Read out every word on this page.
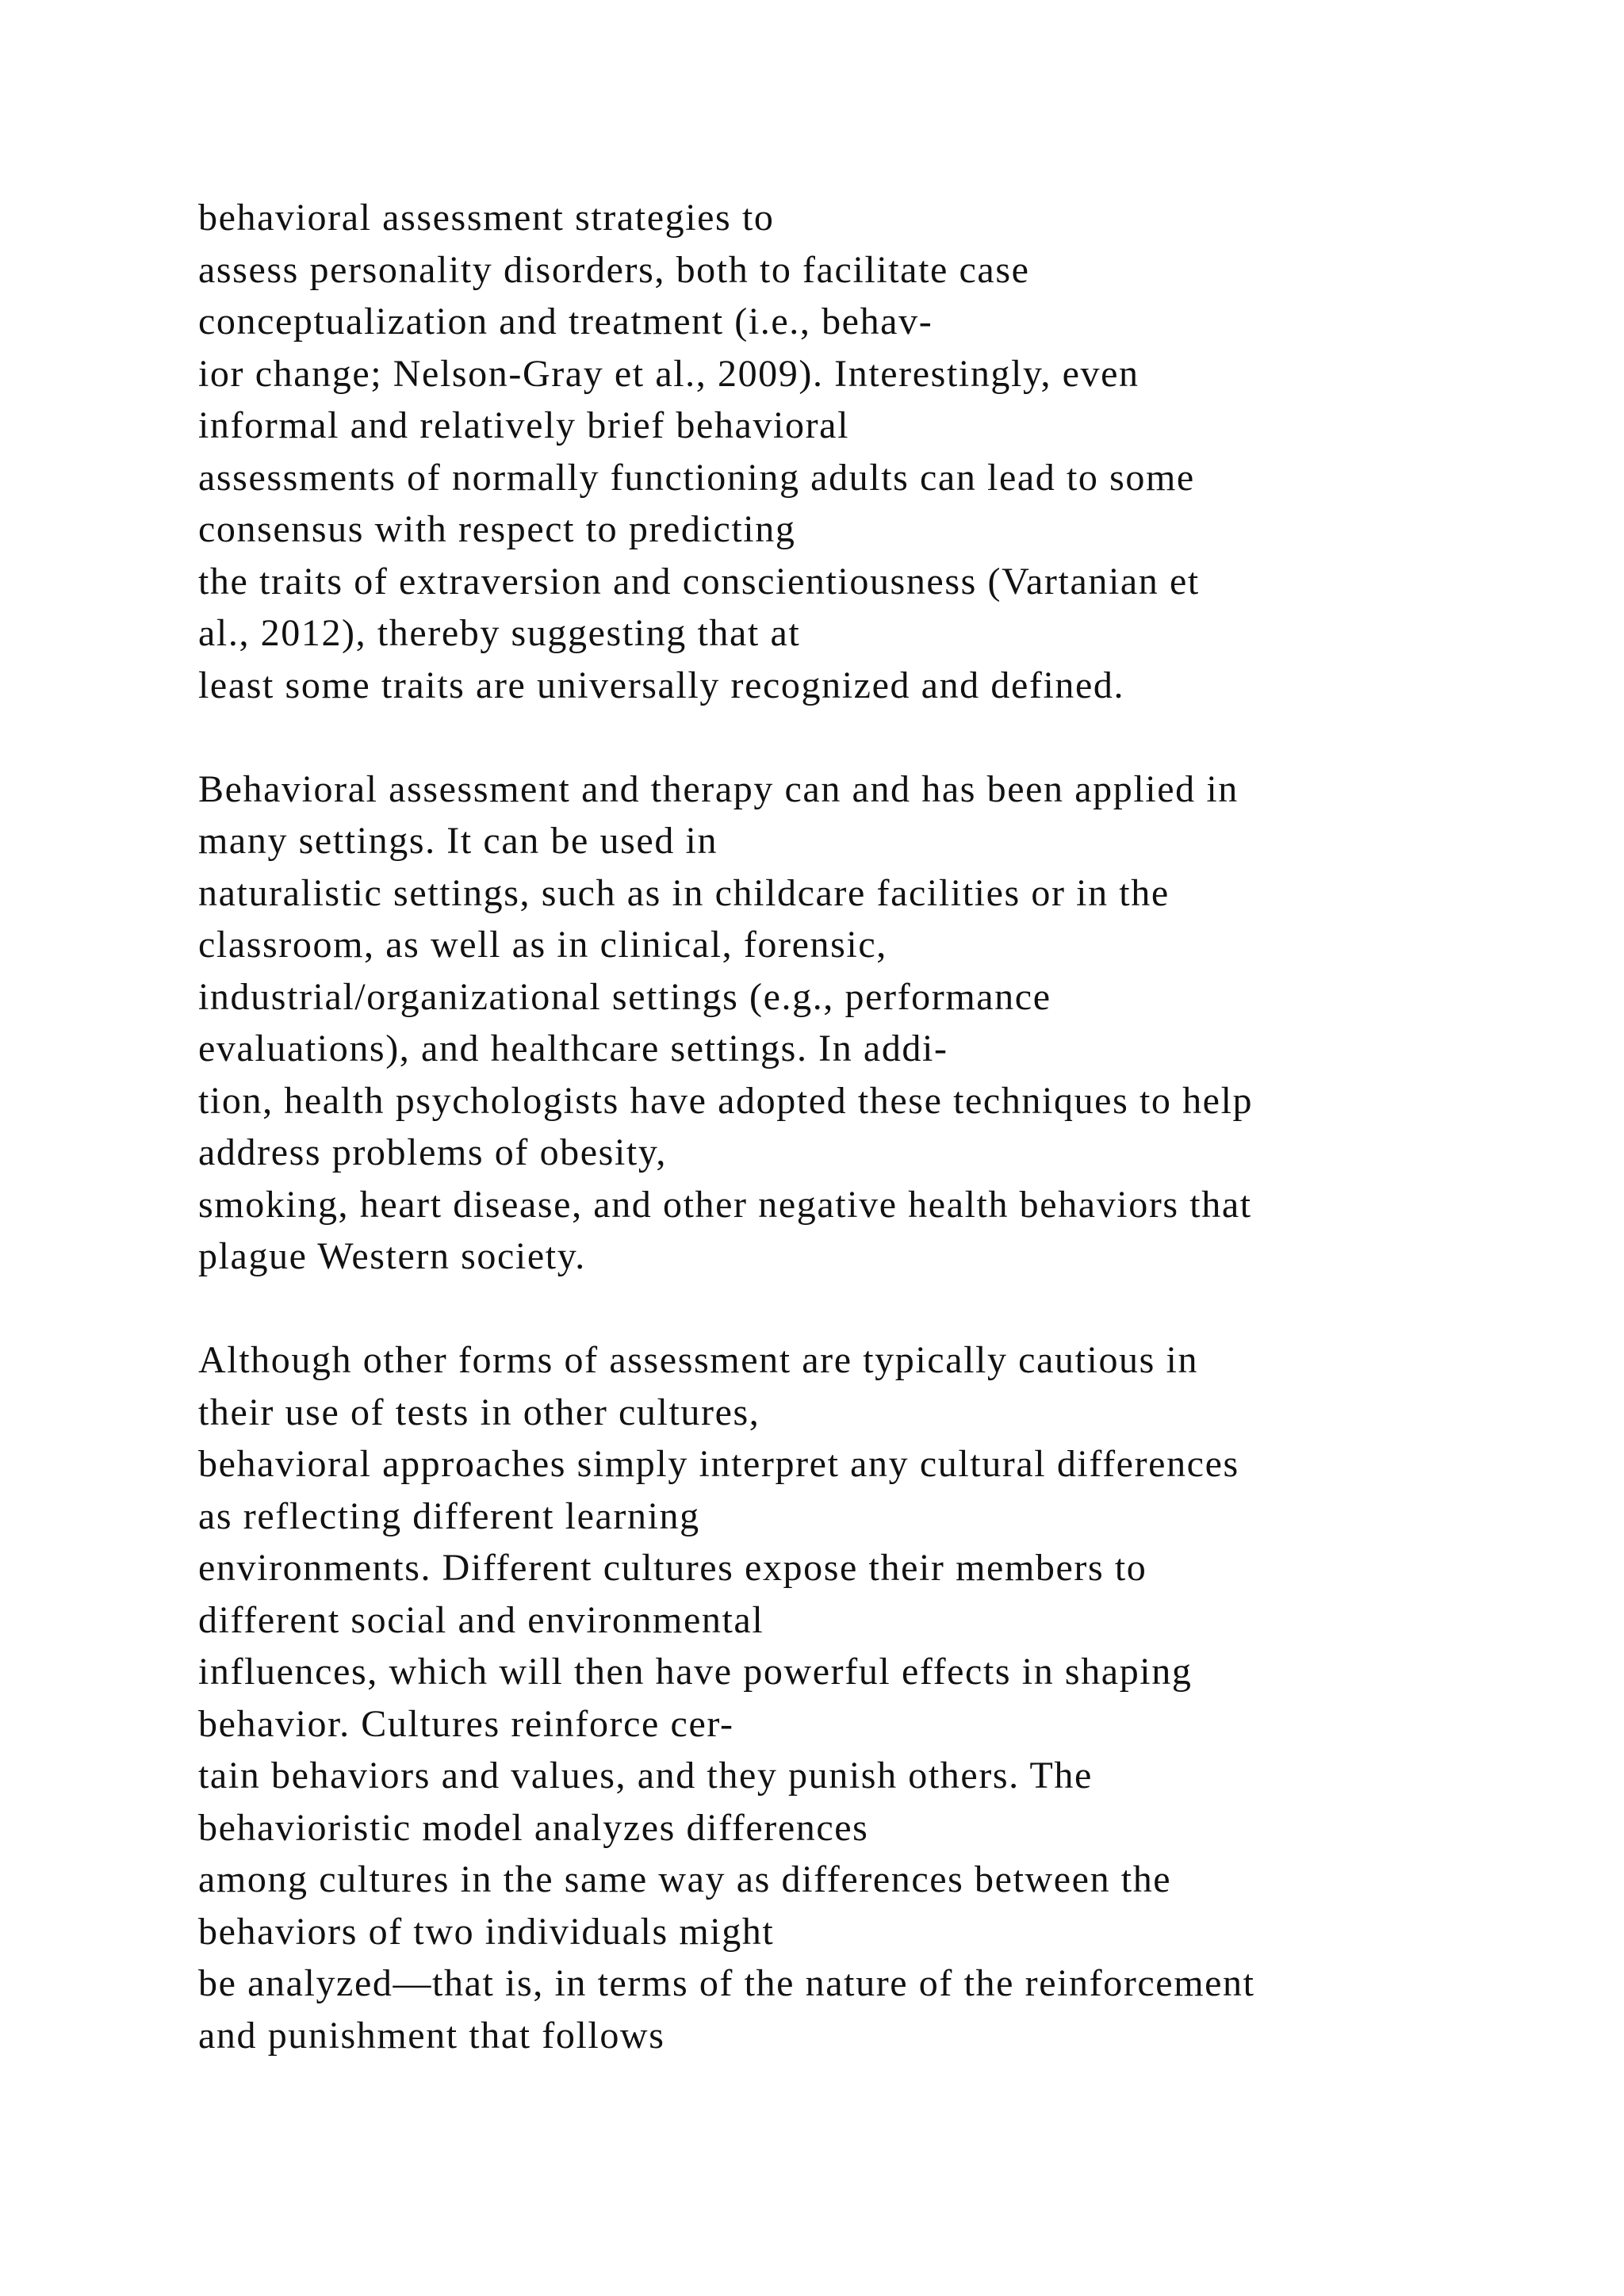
behavioral assessment strategies to
assess personality disorders, both to facilitate case
conceptualization and treatment (i.e., behav-
ior change; Nelson-Gray et al., 2009). Interestingly, even
informal and relatively brief behavioral
assessments of normally functioning adults can lead to some
consensus with respect to predicting
the traits of extraversion and conscientiousness (Vartanian et
al., 2012), thereby suggesting that at
least some traits are universally recognized and defined.

Behavioral assessment and therapy can and has been applied in
many settings. It can be used in
naturalistic settings, such as in childcare facilities or in the
classroom, as well as in clinical, forensic,
industrial/organizational settings (e.g., performance
evaluations), and healthcare settings. In addi-
tion, health psychologists have adopted these techniques to help
address problems of obesity,
smoking, heart disease, and other negative health behaviors that
plague Western society.

Although other forms of assessment are typically cautious in
their use of tests in other cultures,
behavioral approaches simply interpret any cultural differences
as reflecting different learning
environments. Different cultures expose their members to
different social and environmental
influences, which will then have powerful effects in shaping
behavior. Cultures reinforce cer-
tain behaviors and values, and they punish others. The
behavioristic model analyzes differences
among cultures in the same way as differences between the
behaviors of two individuals might
be analyzed—that is, in terms of the nature of the reinforcement
and punishment that follows
